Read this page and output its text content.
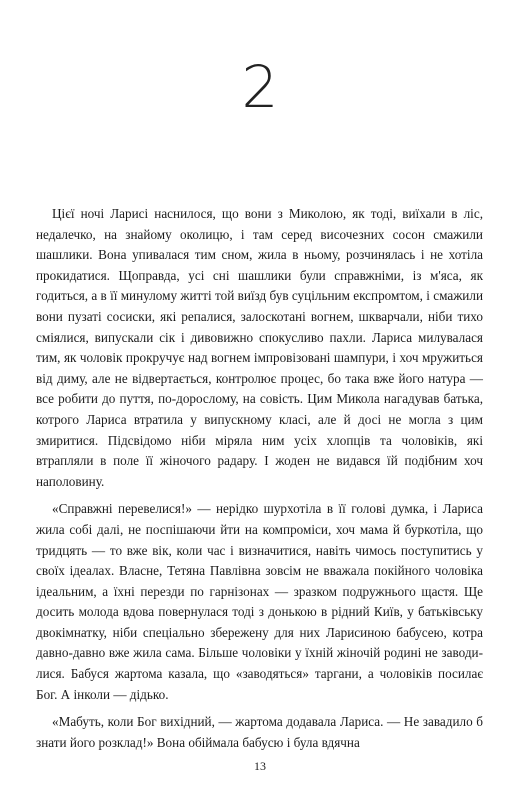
2

Цієї ночі Ларисі наснилося, що вони з Миколою, як тоді, виїхали в ліс, недалечко, на знайому околицю, і там серед височезних сосон смажили шашлики. Вона упивалася тим сном, жила в ньому, розчинялась і не хотіла прокидатися. Щоправда, усі сні шашлики були справжніми, із м'яса, як годиться, а в її минулому житті той виїзд був суцільним експромтом, і смажили вони пузаті сосиски, які репалися, залоскотані вогнем, шкварчали, ніби тихо сміялися, випускали сік і дивовижно спокусливо пахли. Лариса милувалася тим, як чоловік прокручує над вогнем імпровізовані шампури, і хоч мружиться від диму, але не відвертається, контролює процес, бо така вже його натура — все робити до пуття, по-дорослому, на совість. Цим Микола нагадував батька, котрого Лариса втратила у випускному класі, але й досі не могла з цим змиритися. Підсвідомо ніби міряла ним усіх хлопців та чоловіків, які втрапляли в поле її жіночого радару. І жоден не видався їй подібним хоч наполовину.

«Справжні перевелися!» — нерідко шурхотіла в її голові думка, і Лариса жила собі далі, не поспішаючи йти на компроміси, хоч мама й буркотіла, що тридцять — то вже вік, коли час і визначитися, навіть чимось поступитись у своїх ідеалах. Власне, Тетяна Павлівна зовсім не вважала покійного чоловіка ідеальним, а їхні перезди по гарнізонах — зразком подружнього щастя. Ще досить молода вдова повернулася тоді з донькою в рідний Київ, у батьківську двокімнатку, ніби спеціально збережену для них Ларисиною бабусею, котра давно-давно вже жила сама. Більше чоловіки у їхній жіночій родині не заводилися. Бабуся жартома казала, що «заводяться» таргани, а чоловіків посилає Бог. А інколи — дідько.

«Мабуть, коли Бог вихідний, — жартома додавала Лариса. — Не завадило б знати його розклад!» Вона обіймала бабусю і була вдячна

13
